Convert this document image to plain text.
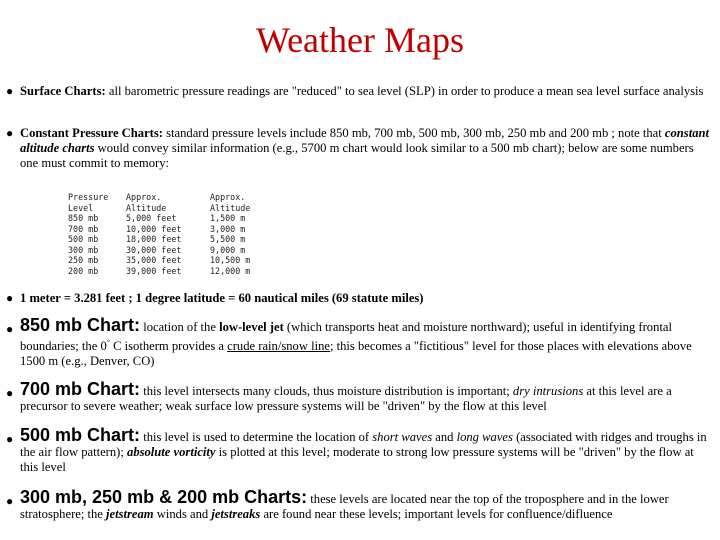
Weather Maps
● Surface Charts: all barometric pressure readings are "reduced" to sea level (SLP) in order to produce a mean sea level surface analysis
● Constant Pressure Charts: standard pressure levels include 850 mb, 700 mb, 500 mb, 300 mb, 250 mb and 200 mb ; note that constant altitude charts would convey similar information (e.g., 5700 m chart would look similar to a 500 mb chart); below are some numbers one must commit to memory:
Pressure	Approx.	Approx.
Level	Altitude	Altitude
850 mb	5,000 feet	1,500 m
700 mb	10,000 feet	3,000 m
500 mb	18,000 feet	5,500 m
300 mb	30,000 feet	9,000 m
250 mb	35,000 feet	10,500 m
200 mb	39,000 feet	12,000 m
● 1 meter = 3.281 feet ; 1 degree latitude = 60 nautical miles (69 statute miles)
● 850 mb Chart: location of the low-level jet (which transports heat and moisture northward); useful in identifying frontal boundaries; the 0° C isotherm provides a crude rain/snow line; this becomes a "fictitious" level for those places with elevations above 1500 m (e.g., Denver, CO)
● 700 mb Chart: this level intersects many clouds, thus moisture distribution is important; dry intrusions at this level are a precursor to severe weather; weak surface low pressure systems will be "driven" by the flow at this level
● 500 mb Chart: this level is used to determine the location of short waves and long waves (associated with ridges and troughs in the air flow pattern); absolute vorticity is plotted at this level; moderate to strong low pressure systems will be "driven" by the flow at this level
● 300 mb, 250 mb & 200 mb Charts: these levels are located near the top of the troposphere and in the lower stratosphere; the jetstream winds and jetstreaks are found near these levels; important levels for confluence/difluence
